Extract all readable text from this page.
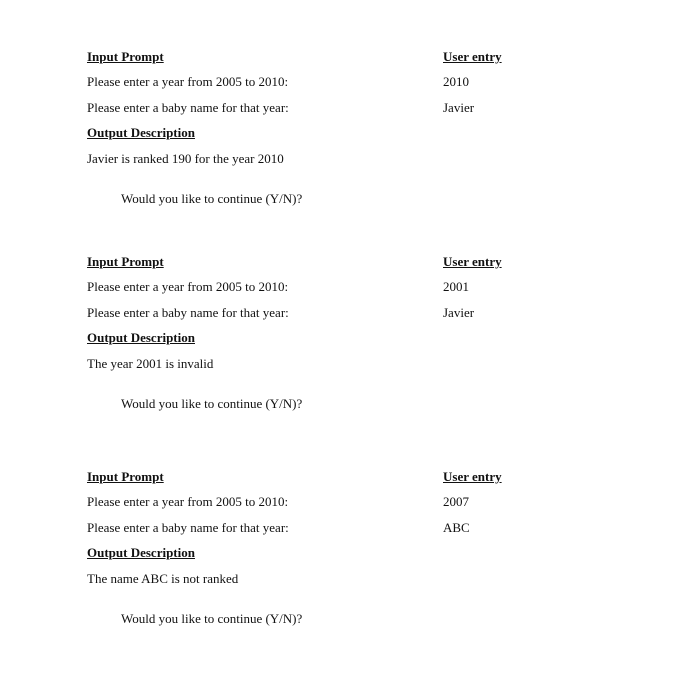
Input Prompt	User entry
Please enter a year from 2005 to 2010:	2010
Please enter a baby name for that year:	Javier
Output Description
Javier is ranked 190 for the year 2010
Would you like to continue (Y/N)?
Input Prompt	User entry
Please enter a year from 2005 to 2010:	2001
Please enter a baby name for that year:	Javier
Output Description
The year 2001 is invalid
Would you like to continue (Y/N)?
Input Prompt	User entry
Please enter a year from 2005 to 2010:	2007
Please enter a baby name for that year:	ABC
Output Description
The name ABC is not ranked
Would you like to continue (Y/N)?
